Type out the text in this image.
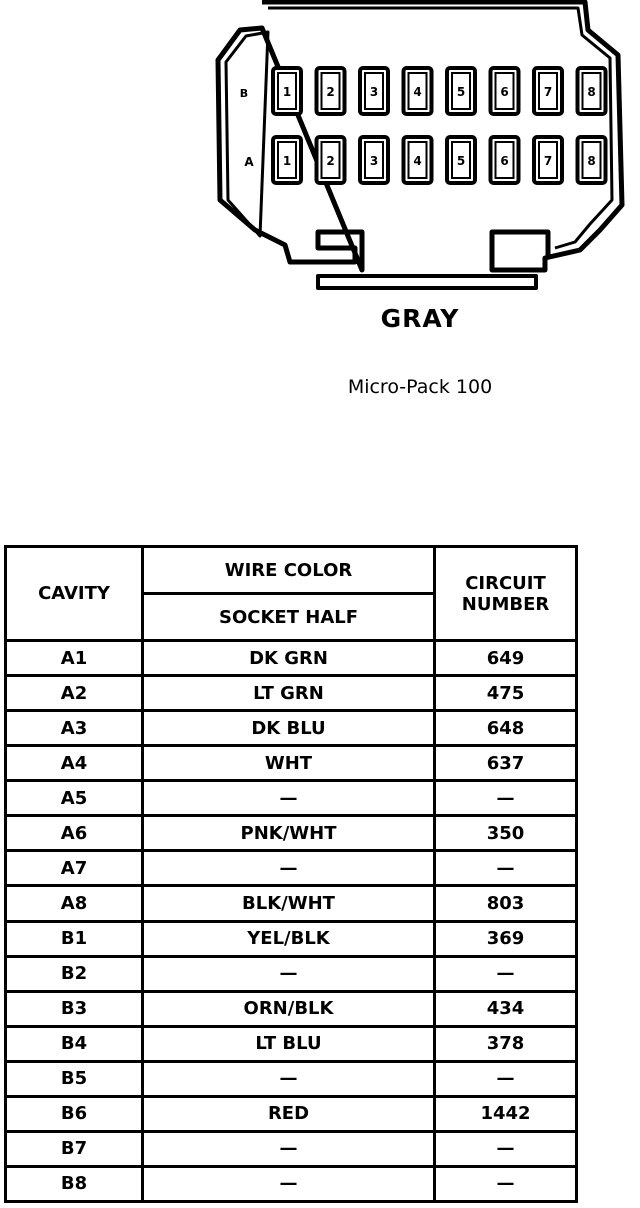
B
A
1	2	3	4	5	6	7	8
1	2	3	4	5	6	7	8
GRAY
Micro-Pack 100
CAVITY	WIRE COLOR	CIRCUIT
NUMBER
	SOCKET HALF	
A1	DK GRN	649
A2	LT GRN	475
A3	DK BLU	648
A4	WHT	637
A5	—	—
A6	PNK/WHT	350
A7	—	—
A8	BLK/WHT	803
B1	YEL/BLK	369
B2	—	—
B3	ORN/BLK	434
B4	LT BLU	378
B5	—	—
B6	RED	1442
B7	—	—
B8	—	—
